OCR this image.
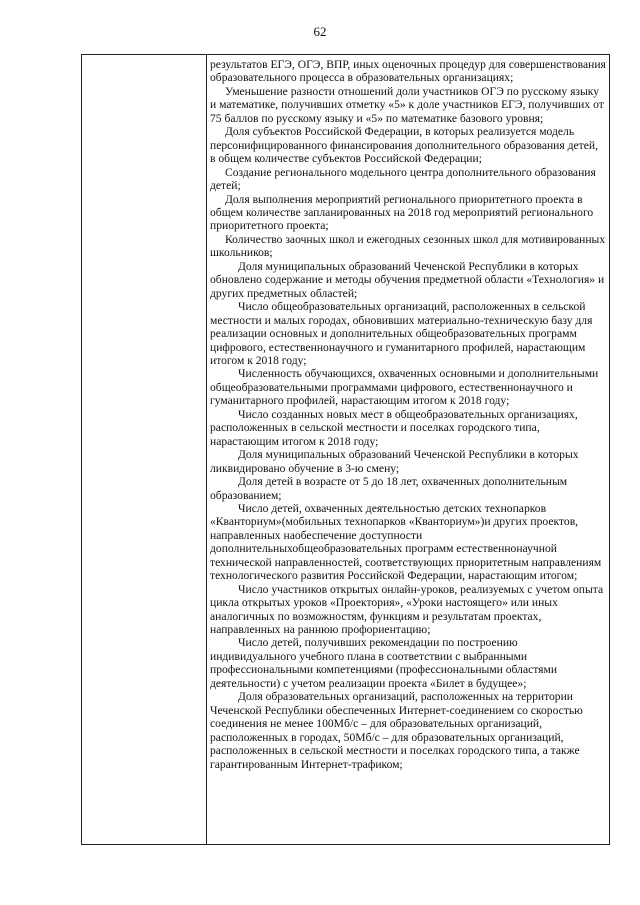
62

результатов ЕГЭ, ОГЭ, ВПР, иных оценочных процедур для совершенствования образовательного процесса в образовательных организациях;

Уменьшение разности отношений доли участников ОГЭ по русскому языку и математике, получивших отметку «5» к доле участников ЕГЭ, получивших от 75 баллов по русскому языку и «5» по математике базового уровня;

Доля субъектов Российской Федерации, в которых реализуется модель персонифицированного финансирования дополнительного образования детей, в общем количестве субъектов Российской Федерации;

Создание регионального модельного центра дополнительного образования детей;

Доля выполнения мероприятий регионального приоритетного проекта в общем количестве запланированных на 2018 год мероприятий регионального приоритетного проекта;

Количество заочных школ и ежегодных сезонных школ для мотивированных школьников;

Доля муниципальных образований Чеченской Республики в которых обновлено содержание и методы обучения предметной области «Технология» и других предметных областей;

Число общеобразовательных организаций, расположенных в сельской местности и малых городах, обновивших материально-техническую базу для реализации основных и дополнительных общеобразовательных программ цифрового, естественнонаучного и гуманитарного профилей, нарастающим итогом к 2018 году;

Численность обучающихся, охваченных основными и дополнительными общеобразовательными программами цифрового, естественнонаучного и гуманитарного профилей, нарастающим итогом к 2018 году;

Число созданных новых мест в общеобразовательных организациях, расположенных в сельской местности и поселках городского типа, нарастающим итогом к 2018 году;

Доля муниципальных образований Чеченской Республики в которых ликвидировано обучение в 3-ю смену;

Доля детей в возрасте от 5 до 18 лет, охваченных дополнительным образованием;

Число детей, охваченных деятельностью детских технопарков «Кванториум»(мобильных технопарков «Кванториум»)и других проектов, направленных наобеспечение доступности дополнительныхобщеобразовательных программ естественнонаучной технической направленностей, соответствующих приоритетным направлениям технологического развития Российской Федерации, нарастающим итогом;

Число участников открытых онлайн-уроков, реализуемых с учетом опыта цикла открытых уроков «Проектория», «Уроки настоящего» или иных аналогичных по возможностям, функциям и результатам проектах, направленных на раннюю профориентацию;

Число детей, получивших рекомендации по построению индивидуального учебного плана в соответствии с выбранными профессиональными компетенциями (профессиональными областями деятельности) с учетом реализации проекта «Билет в будущее»;

Доля образовательных организаций, расположенных на территории Чеченской Республики обеспеченных Интернет-соединением со скоростью соединения не менее 100Мб/с – для образовательных организаций, расположенных в городах, 50Мб/с – для образовательных организаций, расположенных в сельской местности и поселках городского типа, а также гарантированным Интернет-трафиком;
